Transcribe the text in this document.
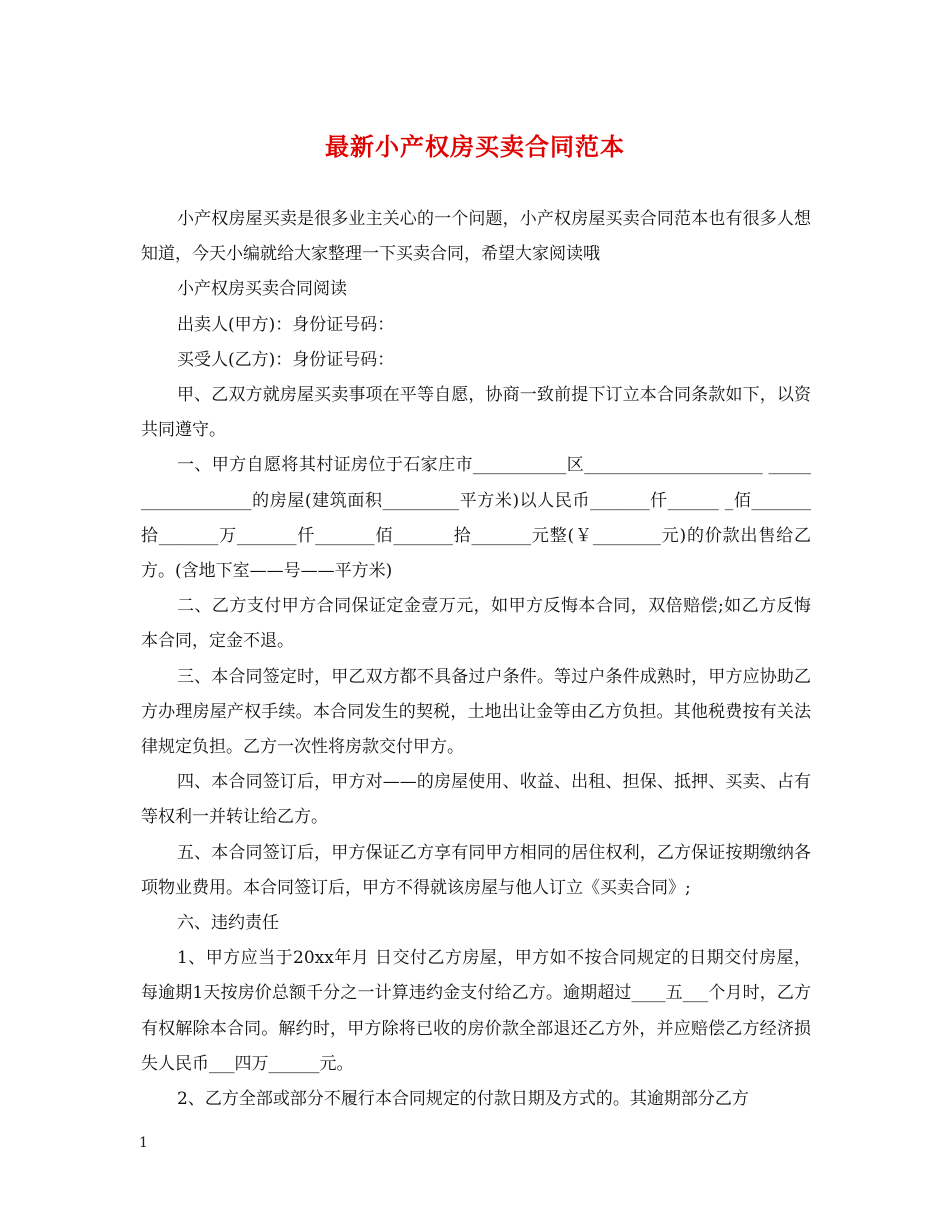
最新小产权房买卖合同范本

小产权房屋买卖是很多业主关心的一个问题，小产权房屋买卖合同范本也有很多人想知道，今天小编就给大家整理一下买卖合同，希望大家阅读哦

小产权房买卖合同阅读

出卖人(甲方)：身份证号码：

买受人(乙方)：身份证号码：

甲、乙双方就房屋买卖事项在平等自愿，协商一致前提下订立本合同条款如下，以资共同遵守。

一、甲方自愿将其村证房位于石家庄市___________区_____________________ __________________的房屋(建筑面积_________平方米)以人民币_______仟______ _佰_______拾_______万_______仟_______佰_______拾_______元整(￥________元)的价款出售给乙方。(含地下室——号——平方米)

二、乙方支付甲方合同保证定金壹万元，如甲方反悔本合同，双倍赔偿;如乙方反悔本合同，定金不退。

三、本合同签定时，甲乙双方都不具备过户条件。等过户条件成熟时，甲方应协助乙方办理房屋产权手续。本合同发生的契税，土地出让金等由乙方负担。其他税费按有关法律规定负担。乙方一次性将房款交付甲方。

四、本合同签订后，甲方对——的房屋使用、收益、出租、担保、抵押、买卖、占有等权利一并转让给乙方。

五、本合同签订后，甲方保证乙方享有同甲方相同的居住权利，乙方保证按期缴纳各项物业费用。本合同签订后，甲方不得就该房屋与他人订立《买卖合同》;

六、违约责任

1、甲方应当于20xx年月 日交付乙方房屋，甲方如不按合同规定的日期交付房屋，每逾期1天按房价总额千分之一计算违约金支付给乙方。逾期超过____五___个月时，乙方有权解除本合同。解约时，甲方除将已收的房价款全部退还乙方外，并应赔偿乙方经济损失人民币___四万______元。

2、乙方全部或部分不履行本合同规定的付款日期及方式的。其逾期部分乙方

1
